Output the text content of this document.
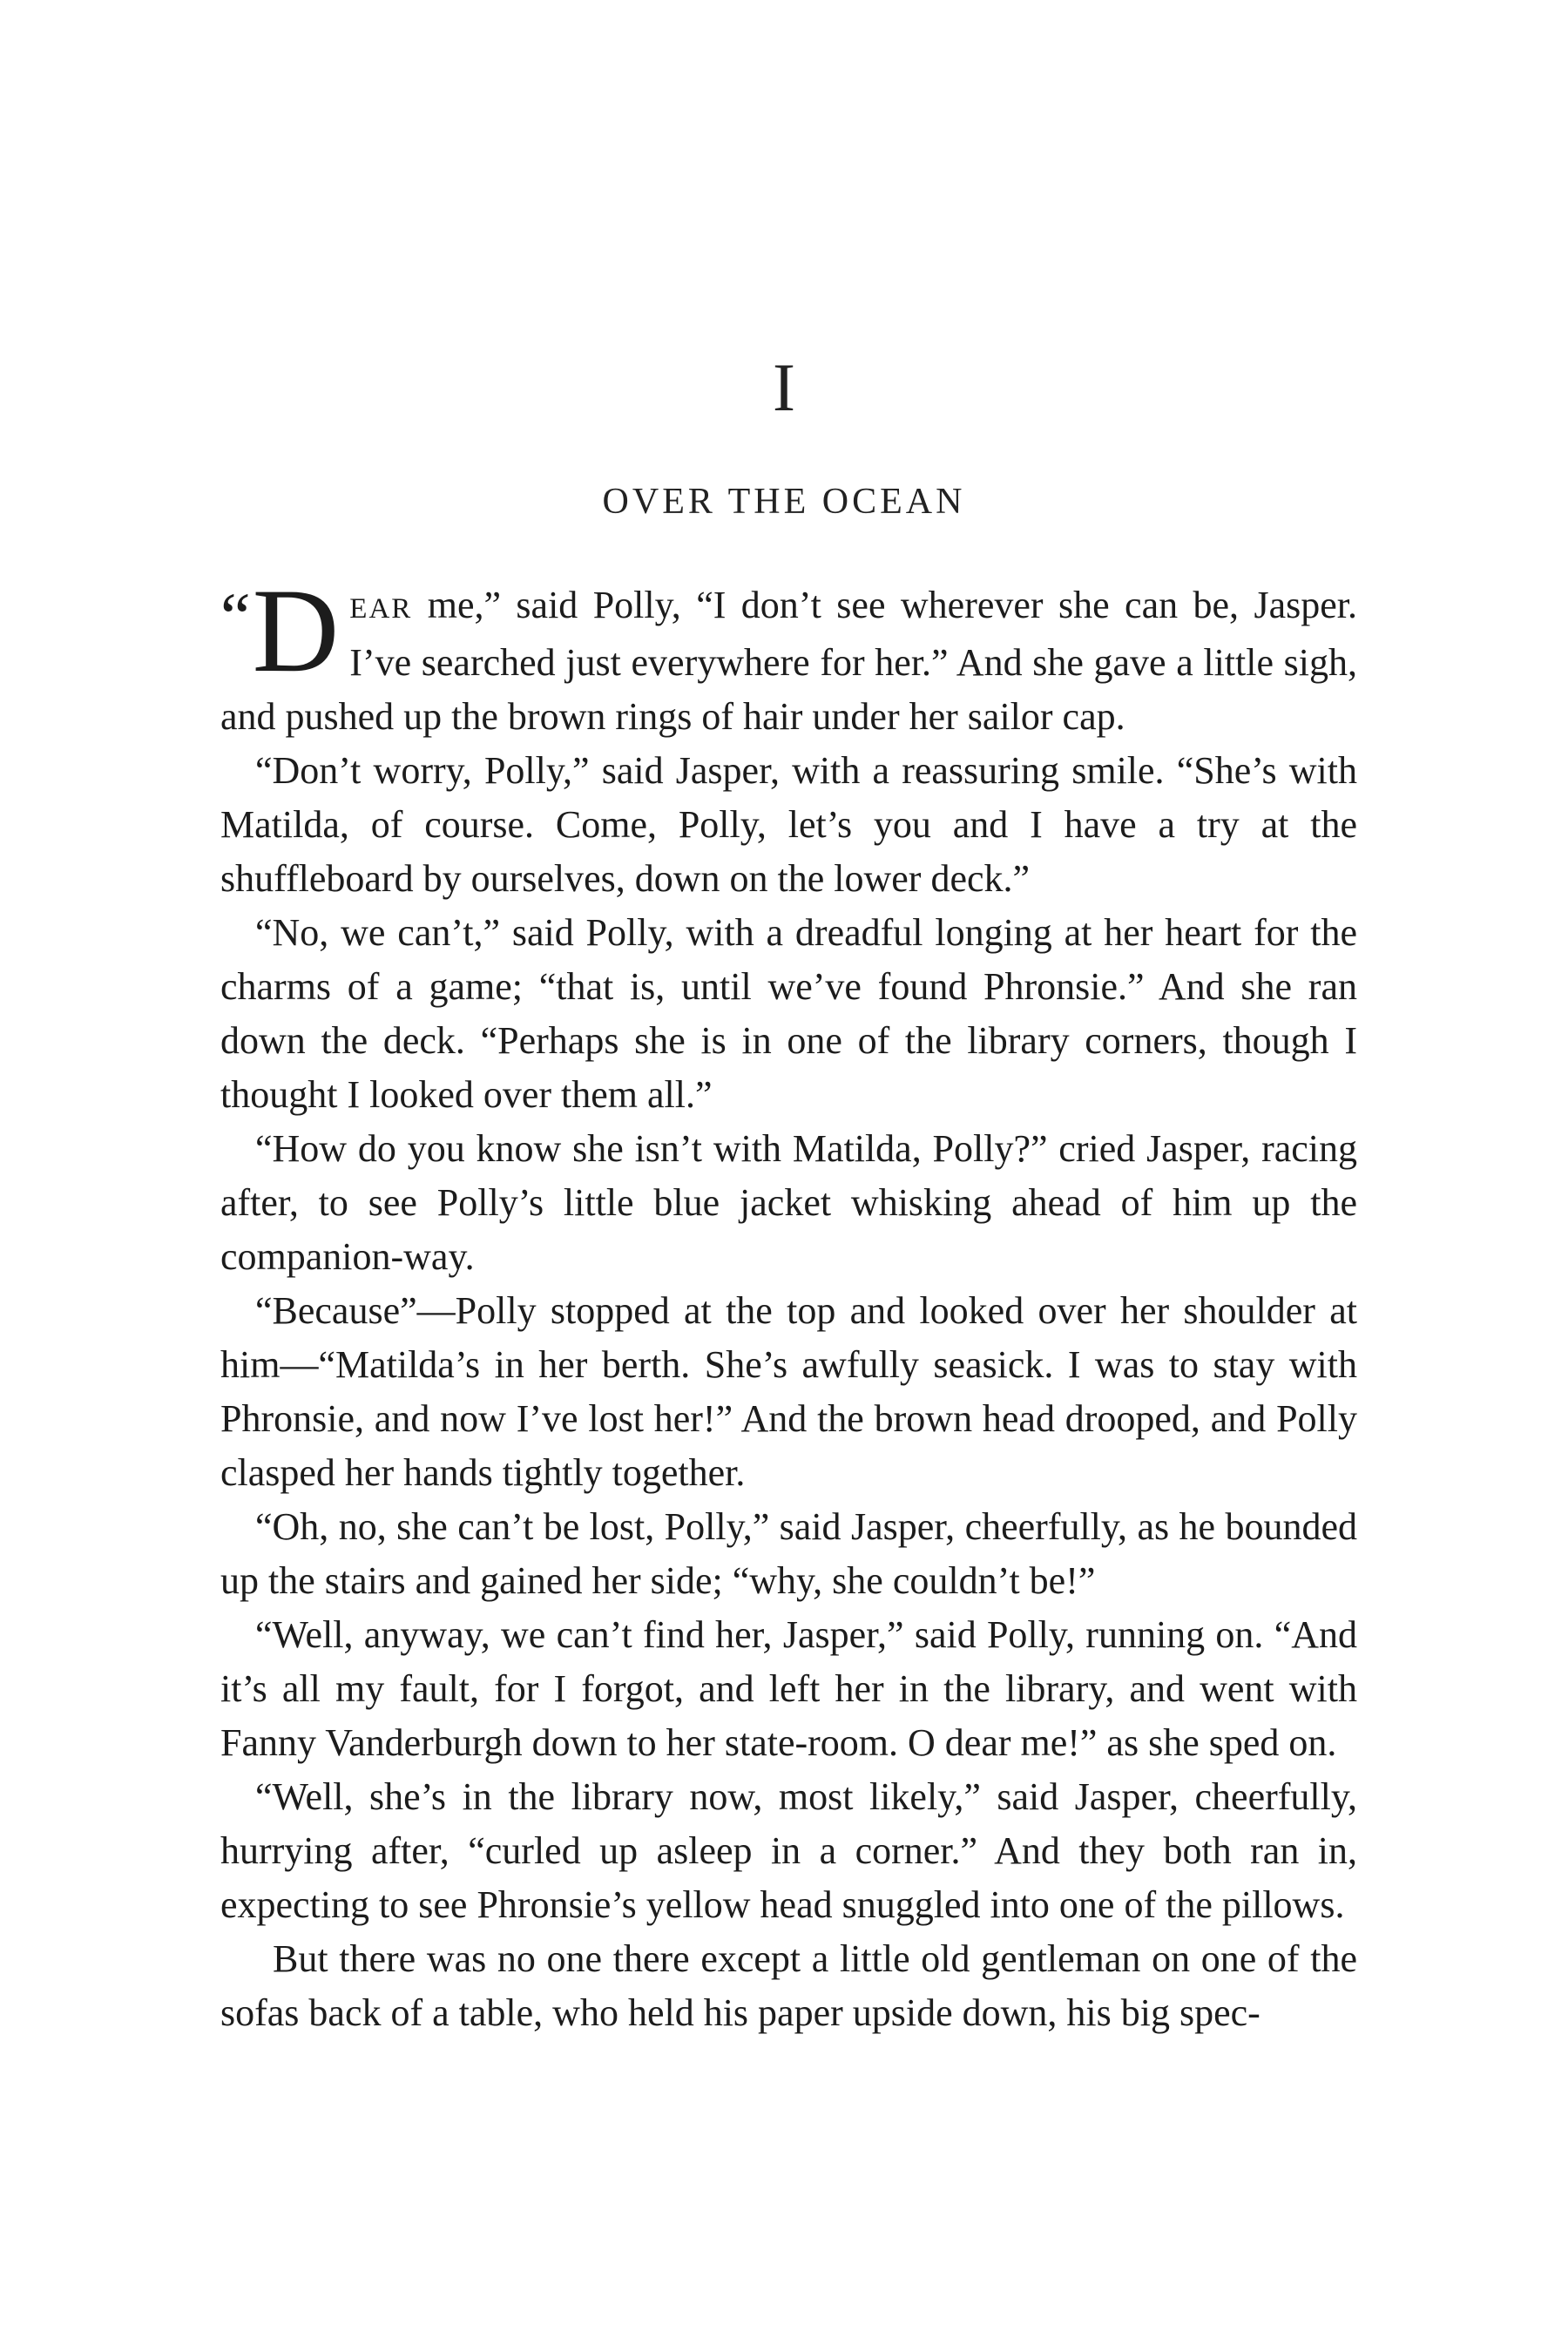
I
OVER THE OCEAN

“D EAR me,” said Polly, “I don’t see wherever she can be, Jasper. I’ve searched just everywhere for her.” And she gave a little sigh, and pushed up the brown rings of hair under her sailor cap.

“Don’t worry, Polly,” said Jasper, with a reassuring smile. “She’s with Matilda, of course. Come, Polly, let’s you and I have a try at the shuffleboard by ourselves, down on the lower deck.”

“No, we can’t,” said Polly, with a dreadful longing at her heart for the charms of a game; “that is, until we’ve found Phronsie.” And she ran down the deck. “Perhaps she is in one of the library corners, though I thought I looked over them all.”

“How do you know she isn’t with Matilda, Polly?” cried Jasper, racing after, to see Polly’s little blue jacket whisking ahead of him up the companion-way.

“Because”—Polly stopped at the top and looked over her shoulder at him—“Matilda’s in her berth. She’s awfully seasick. I was to stay with Phronsie, and now I’ve lost her!” And the brown head drooped, and Polly clasped her hands tightly together.

“Oh, no, she can’t be lost, Polly,” said Jasper, cheerfully, as he bounded up the stairs and gained her side; “why, she couldn’t be!”

“Well, anyway, we can’t find her, Jasper,” said Polly, running on. “And it’s all my fault, for I forgot, and left her in the library, and went with Fanny Vanderburgh down to her state-room. O dear me!” as she sped on.

“Well, she’s in the library now, most likely,” said Jasper, cheerfully, hurrying after, “curled up asleep in a corner.” And they both ran in, expecting to see Phronsie’s yellow head snuggled into one of the pillows.

But there was no one there except a little old gentleman on one of the sofas back of a table, who held his paper upside down, his big spec-
